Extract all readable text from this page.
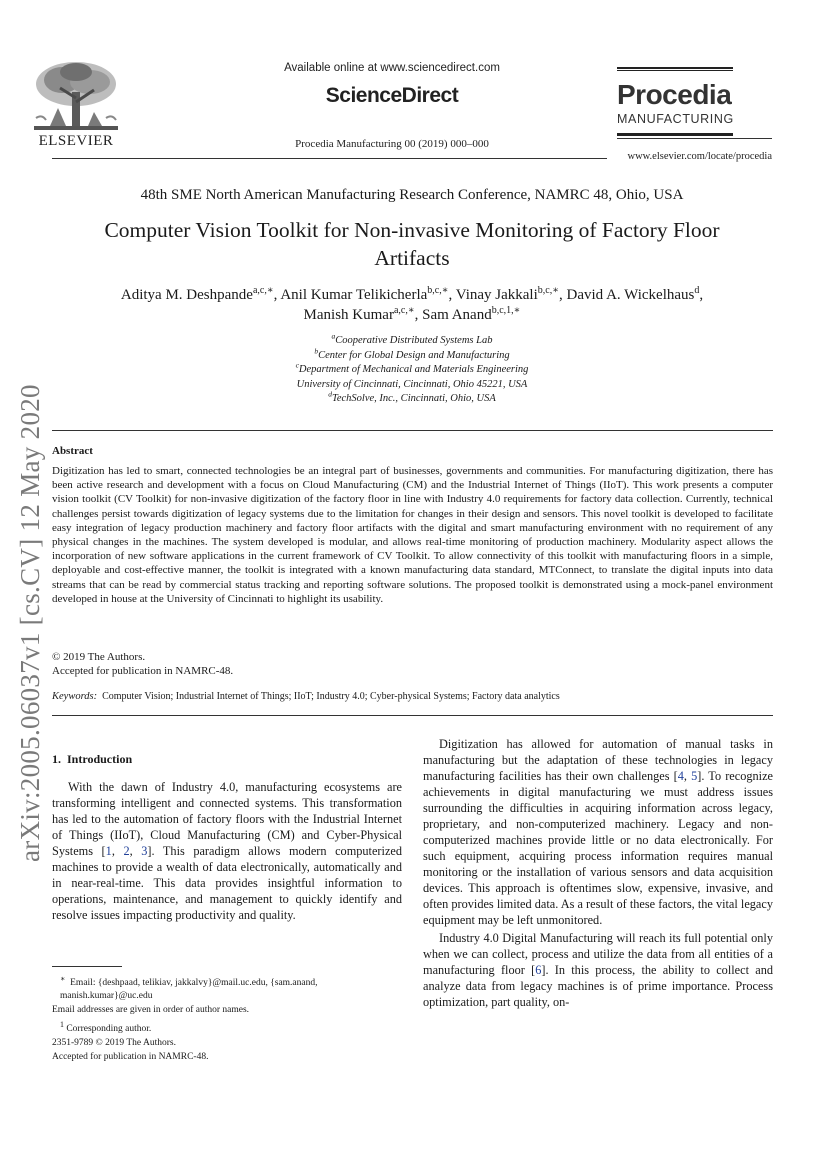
arXiv:2005.06037v1 [cs.CV] 12 May 2020
ELSEVIER
Available online at www.sciencedirect.com
ScienceDirect
Procedia Manufacturing 00 (2019) 000–000
Procedia
MANUFACTURING
www.elsevier.com/locate/procedia
48th SME North American Manufacturing Research Conference, NAMRC 48, Ohio, USA
Computer Vision Toolkit for Non-invasive Monitoring of Factory Floor
Artifacts
Aditya M. Deshpande$^{a,c,∗}$, Anil Kumar Telikicherla$^{b,c,∗}$, Vinay Jakkali$^{b,c,∗}$, David A. Wickelhaus$^d$,
Manish Kumar$^{a,c,∗}$, Sam Anand$^{b,c,1,∗}$
$^a$Cooperative Distributed Systems Lab
$^b$Center for Global Design and Manufacturing
$^c$Department of Mechanical and Materials Engineering
University of Cincinnati, Cincinnati, Ohio 45221, USA
$^d$TechSolve, Inc., Cincinnati, Ohio, USA
Abstract
Digitization has led to smart, connected technologies be an integral part of businesses, governments and communities. For manufacturing digitization, there has been active research and development with a focus on Cloud Manufacturing (CM) and the Industrial Internet of Things (IIoT). This work presents a computer vision toolkit (CV Toolkit) for non-invasive digitization of the factory floor in line with Industry 4.0 requirements for factory data collection. Currently, technical challenges persist towards digitization of legacy systems due to the limitation for changes in their design and sensors. This novel toolkit is developed to facilitate easy integration of legacy production machinery and factory floor artifacts with the digital and smart manufacturing environment with no requirement of any physical changes in the machines. The system developed is modular, and allows real-time monitoring of production machinery. Modularity aspect allows the incorporation of new software applications in the current framework of CV Toolkit. To allow connectivity of this toolkit with manufacturing floors in a simple, deployable and cost-effective manner, the toolkit is integrated with a known manufacturing data standard, MTConnect, to translate the digital inputs into data streams that can be read by commercial status tracking and reporting software solutions. The proposed toolkit is demonstrated using a mock-panel environment developed in house at the University of Cincinnati to highlight its usability.
© 2019 The Authors.
Accepted for publication in NAMRC-48.
Keywords: Computer Vision; Industrial Internet of Things; IIoT; Industry 4.0; Cyber-physical Systems; Factory data analytics
1. Introduction

With the dawn of Industry 4.0, manufacturing ecosystems are transforming intelligent and connected systems. This transformation has led to the automation of factory floors with the Industrial Internet of Things (IIoT), Cloud Manufacturing (CM) and Cyber-Physical Systems [1, 2, 3]. This paradigm allows modern computerized machines to provide a wealth of data electronically, automatically and in near-real-time. This data provides insightful information to operations, maintenance, and management to quickly identify and resolve issues impacting productivity and quality.

Digitization has allowed for automation of manual tasks in manufacturing but the adaptation of these technologies in legacy manufacturing facilities has their own challenges [4, 5]. To recognize achievements in digital manufacturing we must address issues surrounding the difficulties in acquiring information across legacy, proprietary, and non-computerized machinery. Legacy and non-computerized machines provide little or no data electronically. For such equipment, acquiring process information requires manual monitoring or the installation of various sensors and data acquisition devices. This approach is oftentimes slow, expensive, invasive, and often provides limited data. As a result of these factors, the vital legacy equipment may be left unmonitored.

Industry 4.0 Digital Manufacturing will reach its full potential only when we can collect, process and utilize the data from all entities of a manufacturing floor [6]. In this process, the ability to collect and analyze data from legacy machines is of prime importance. Process optimization, part quality, on-

∗ Email: {deshpaad, telikiav, jakkalvy}@mail.uc.edu, {sam.anand, manish.kumar}@uc.edu
Email addresses are given in order of author names.
$^1$ Corresponding author.
2351-9789 © 2019 The Authors.
Accepted for publication in NAMRC-48.
